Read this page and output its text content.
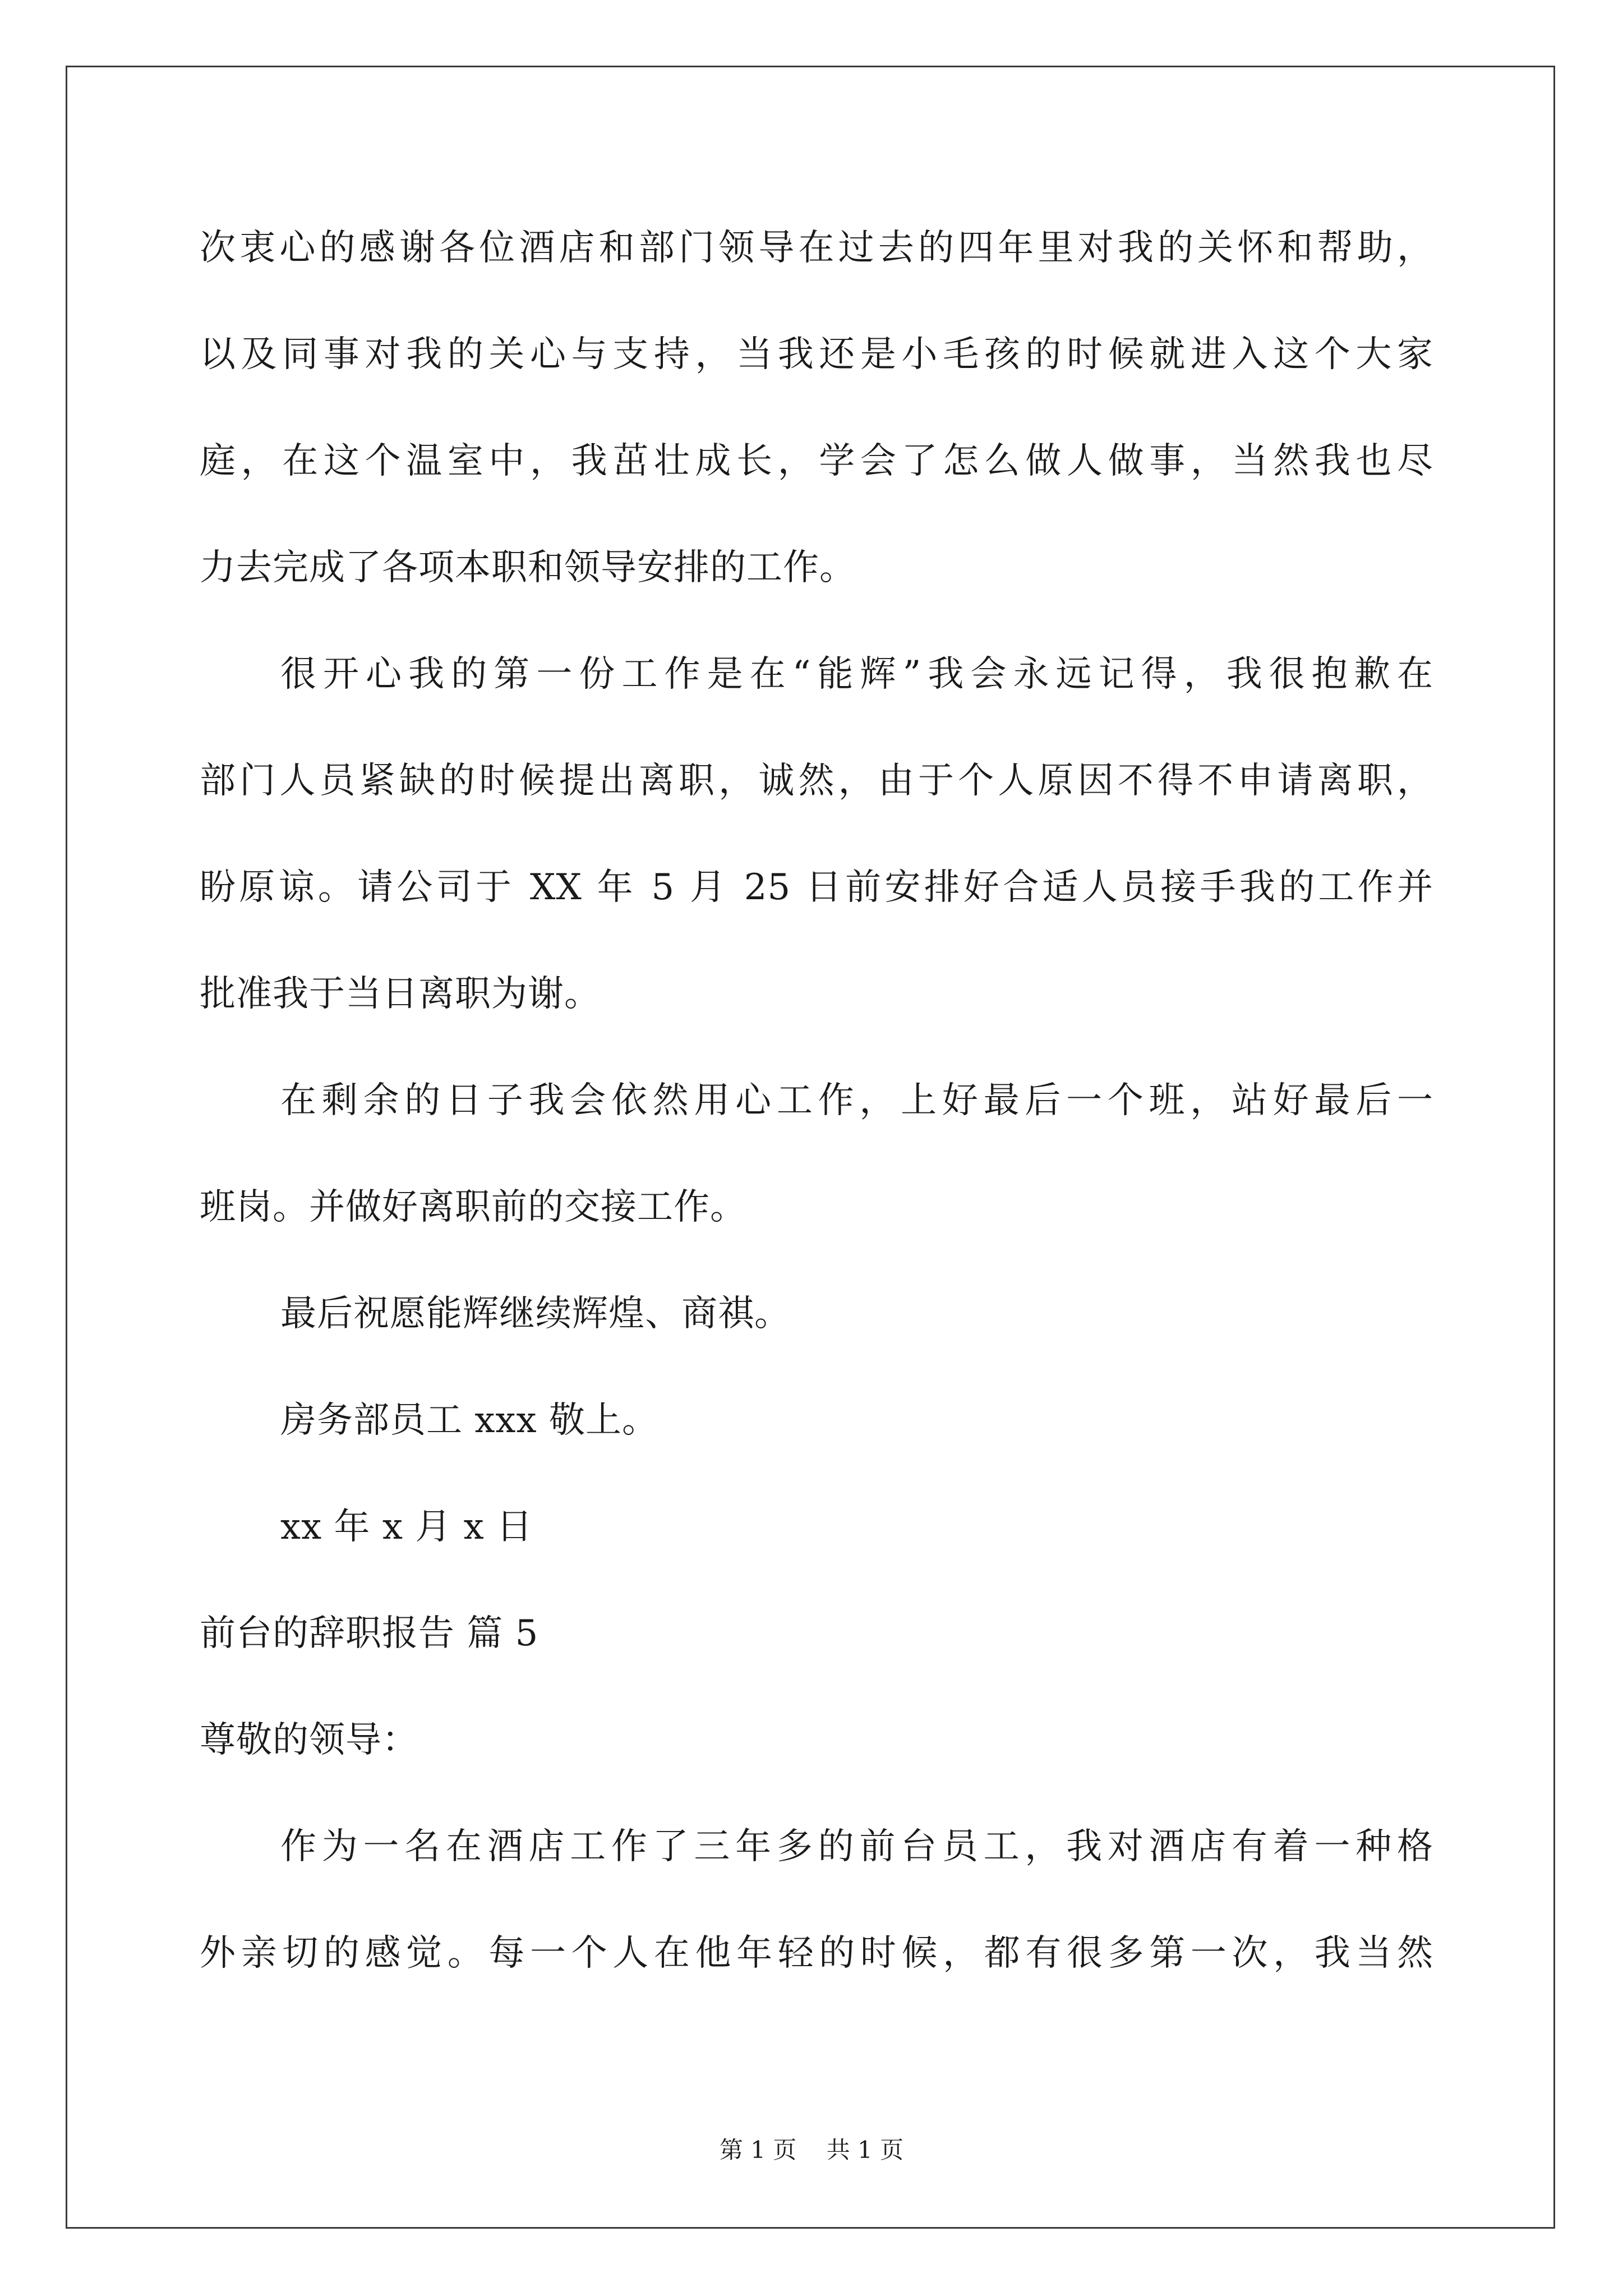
次衷心的感谢各位酒店和部门领导在过去的四年里对我的关怀和帮助，
以及同事对我的关心与支持，当我还是小毛孩的时候就进入这个大家
庭，在这个温室中，我茁壮成长，学会了怎么做人做事，当然我也尽
力去完成了各项本职和领导安排的工作。
很开心我的第一份工作是在“能辉”我会永远记得，我很抱歉在
部门人员紧缺的时候提出离职，诚然，由于个人原因不得不申请离职，
盼原谅。请公司于 XX 年 5 月 25 日前安排好合适人员接手我的工作并
批准我于当日离职为谢。
在剩余的日子我会依然用心工作，上好最后一个班，站好最后一
班岗。并做好离职前的交接工作。
最后祝愿能辉继续辉煌、商祺。
房务部员工 xxx 敬上。
xx 年 x 月 x 日
前台的辞职报告 篇 5
尊敬的领导：
作为一名在酒店工作了三年多的前台员工，我对酒店有着一种格
外亲切的感觉。每一个人在他年轻的时候，都有很多第一次，我当然
第 1 页    共 1 页
